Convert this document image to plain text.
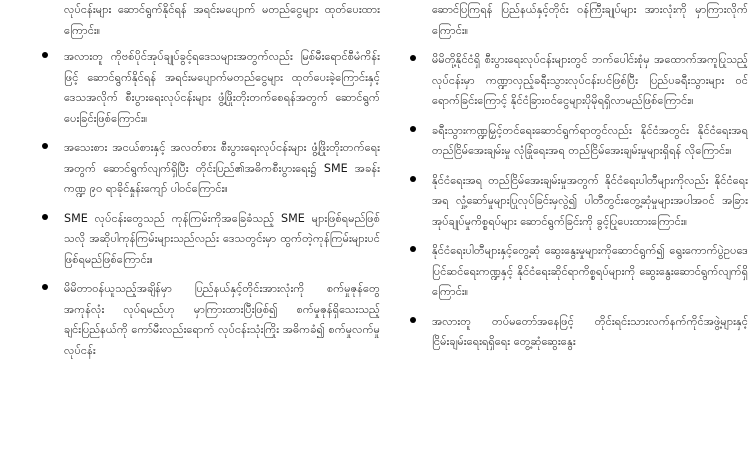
လုပ်ငန်းများ ဆောင်ရွက်နိုင်ရန် အရင်းမပျောက် မတည်ငွေများ ထုတ်ပေးထားကြောင်း။

အလားတူ ကိုဗစ်ပိုင်အုပ်ချုပ်ခွင့်ရဒေသများအတွက်လည်း မြစ်မီးရောင်စီမံကိန်းဖြင့် ဆောင်ရွက်နိုင်ရန် အရင်းမပျောက်မတည်ငွေများ ထုတ်ပေးခဲ့ကြောင်းနှင့် ဒေသအလိုက် စီးပွားရေးလုပ်ငန်းများ ဖွံ့ဖြိုးတိုးတက်စေရန်အတွက် ဆောင်ရွက်ပေးခြင်းဖြစ်ကြောင်း။

အသေးစား အငယ်စားနှင့် အလတ်စား စီးပွားရေးလုပ်ငန်းများ ဖွံ့ဖြိုးတိုးတက်ရေးအတွက် ဆောင်ရွက်လျက်ရှိပြီး တိုင်းပြည်၏အဓိကစီးပွားရေး၌ SME အခန်းကဏ္ဍ ၉၀ ရာခိုင်နှုန်းကျော် ပါဝင်ကြောင်း။

SME လုပ်ငန်းတွေသည် ကုန်ကြမ်းကိုအခြေခံသည့် SME များဖြစ်ရမည်ဖြစ်သလို အဆိုပါကုန်ကြမ်းများသည်လည်း ဒေသတွင်းမှာ ထွက်တဲ့ကုန်ကြမ်းများပင် ဖြစ်ရမည်ဖြစ်ကြောင်း။

မိမိတာဝန်ယူသည့်အချိန်မှာ ပြည်နယ်နှင့်တိုင်းအားလုံးကို စက်မှုဇုန်တွေ အကုန်လုံး လုပ်ရမည်ဟု မှာကြားထားပြီးဖြစ်၍ စက်မှုဇုန်ရှိသေးသည့် ချင်းပြည်နယ်ကို ကော်မီးလည်းရောက် လုပ်ငန်းသုံးကြိုး အဓိကခံ၍ စက်မှုလက်မှုလုပ်ငန်း

ဆောင်ပြကြရန် ပြည်နယ်နှင့်တိုင်း ဝန်ကြီးချုပ်များ အားလုံးကို မှာကြားလိုက်ကြောင်း။

မိမိတို့နိုင်ငံရှိ စီးပွားရေးလုပ်ငန်းများတွင် ဘက်ပေါင်းစုံမှ အထောက်အကူပြုသည့်လုပ်ငန်းမှာ ကဏ္ဍာလှည့်ခရီးသွားလုပ်ငန်းပင်ဖြစ်ပြီး ပြည်ပခရီးသွားများ ဝင်ရောက်ခြင်းကြောင့် နိုင်ငံခြားဝင်ငွေများပိုမိုရရှိလာမည်ဖြစ်ကြောင်း။

ခရီးသွားကဏ္ဍမြှင့်တင်ရေးဆောင်ရွက်ရာတွင်လည်း နိုင်ငံအတွင်း နိုင်ငံရေးအရ တည်ငြိမ်အေးချမ်းမှု လုံခြုံရေးအရ တည်ငြိမ်အေးချမ်းမှုများရှိရန် လိုကြောင်း။

နိုင်ငံရေးအရ တည်ငြိမ်အေးချမ်းမှုအတွက် နိုင်ငံရေးပါတီများကိုလည်း နိုင်ငံရေးအရ လှုံ့ဆော်မှုများပြုလုပ်ခြင်းမှလွဲ၍ ပါတီတွင်းတွေ့ဆုံမှုများအပါအဝင် အခြားအုပ်ချုပ်မှုကိစ္စရပ်များ ဆောင်ရွက်ခြင်းကို ခွင့်ပြုပေးထားကြောင်း။

နိုင်ငံရေးပါတီများနှင့်တွေ့ဆုံ ဆွေးနွေးမှုများကိုဆောင်ရွက်၍ ရွေးကောက်ပွဲဥပဒေပြင်ဆင်ရေးကဏ္ဍနှင့် နိုင်ငံရေးဆိုင်ရာကိစ္စရပ်များကို ဆွေးနွေးဆောင်ရွက်လျက်ရှိကြောင်း။

အလားတူ တပ်မတော်အနေဖြင့် တိုင်းရင်းသားလက်နက်ကိုင်အဖွဲ့များနှင့် ငြိမ်းချမ်းရေးရရှိရေး တွေ့ဆုံဆွေးနွေး
